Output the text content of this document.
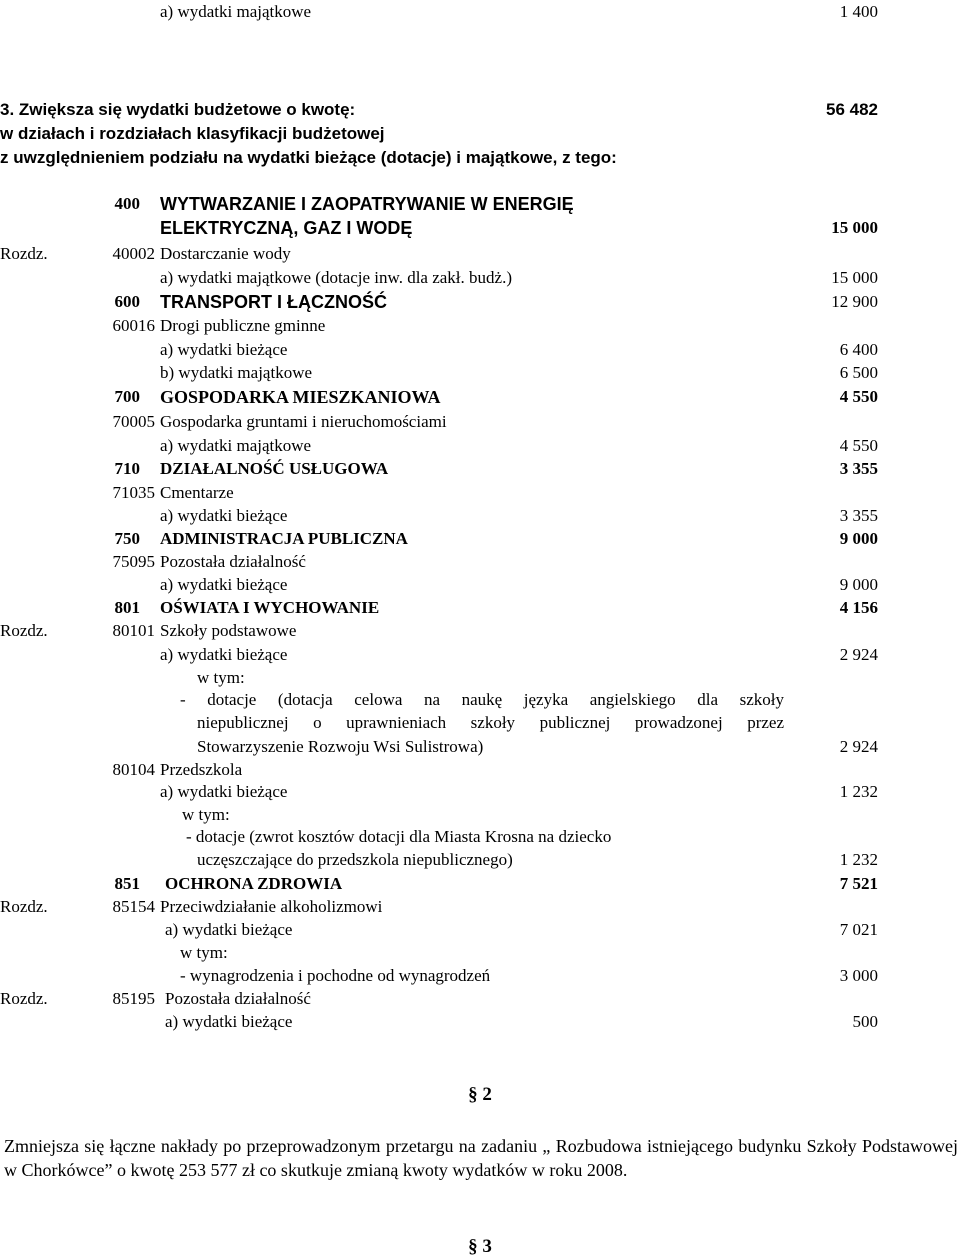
a) wydatki majątkowe	1 400
3. Zwiększa się wydatki budżetowe o kwotę:	56 482
w działach i rozdziałach klasyfikacji budżetowej
z uwzględnieniem podziału na wydatki bieżące (dotacje) i majątkowe, z tego:
400 WYTWARZANIE I ZAOPATRYWANIE W ENERGIĘ
ELEKTRYCZNĄ, GAZ I WODĘ	15 000
Rozdz.	40002 Dostarczanie wody
a) wydatki majątkowe (dotacje inw. dla zakł. budż.)	15 000
600 TRANSPORT I ŁĄCZNOŚĆ	12 900
60016 Drogi publiczne gminne
a) wydatki bieżące	6 400
b) wydatki majątkowe	6 500
700 GOSPODARKA MIESZKANIOWA	4 550
70005 Gospodarka gruntami i nieruchomościami
a) wydatki majątkowe	4 550
710 DZIAŁALNOŚĆ USŁUGOWA	3 355
71035 Cmentarze
a) wydatki bieżące	3 355
750 ADMINISTRACJA PUBLICZNA	9 000
75095 Pozostała działalność
a) wydatki bieżące	9 000
801 OŚWIATA I WYCHOWANIE	4 156
Rozdz.	80101 Szkoły podstawowe
a) wydatki bieżące	2 924
w tym:
- dotacje (dotacja celowa na naukę języka angielskiego dla szkoły
niepublicznej o uprawnieniach szkoły publicznej prowadzonej przez
Stowarzyszenie Rozwoju Wsi Sulistrowa)	2 924
80104 Przedszkola
a) wydatki bieżące	1 232
w tym:
- dotacje (zwrot kosztów dotacji dla Miasta Krosna na dziecko
uczęszczające do przedszkola niepublicznego)	1 232
851 OCHRONA ZDROWIA	7 521
Rozdz.	85154 Przeciwdziałanie alkoholizmowi
a) wydatki bieżące	7 021
w tym:
- wynagrodzenia i pochodne od wynagrodzeń	3 000
Rozdz.	85195 Pozostała działalność
a) wydatki bieżące	500
§ 2
Zmniejsza się łączne nakłady po przeprowadzonym przetargu na zadaniu „ Rozbudowa istniejącego budynku Szkoły Podstawowej w Chorkówce” o kwotę 253 577 zł co skutkuje zmianą kwoty wydatków w roku 2008.
§ 3
